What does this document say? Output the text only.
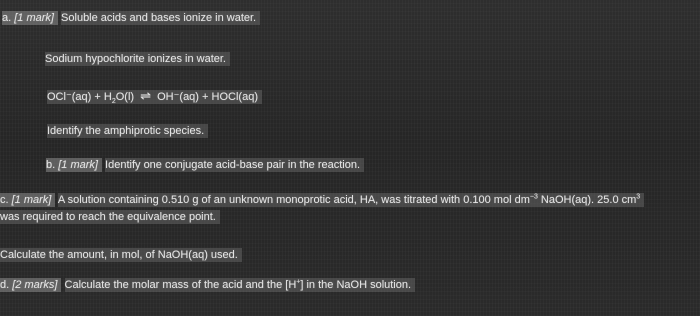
a. [1 mark] Soluble acids and bases ionize in water.
Sodium hypochlorite ionizes in water.
$OCl^-(aq) + H_2O(l)$ ⇌ OH⁻(aq) + HOCl(aq)
Identify the amphiprotic species.
b. [1 mark] Identify one conjugate acid-base pair in the reaction.
c. [1 mark] A solution containing 0.510 g of an unknown monoprotic acid, HA, was titrated with 0.100 mol $dm^{-3}$ NaOH(aq). 25.0 $cm^3$
was required to reach the equivalence point.
Calculate the amount, in mol, of NaOH(aq) used.
d. [2 marks] Calculate the molar mass of the acid and the [H+] in the NaOH solution.
